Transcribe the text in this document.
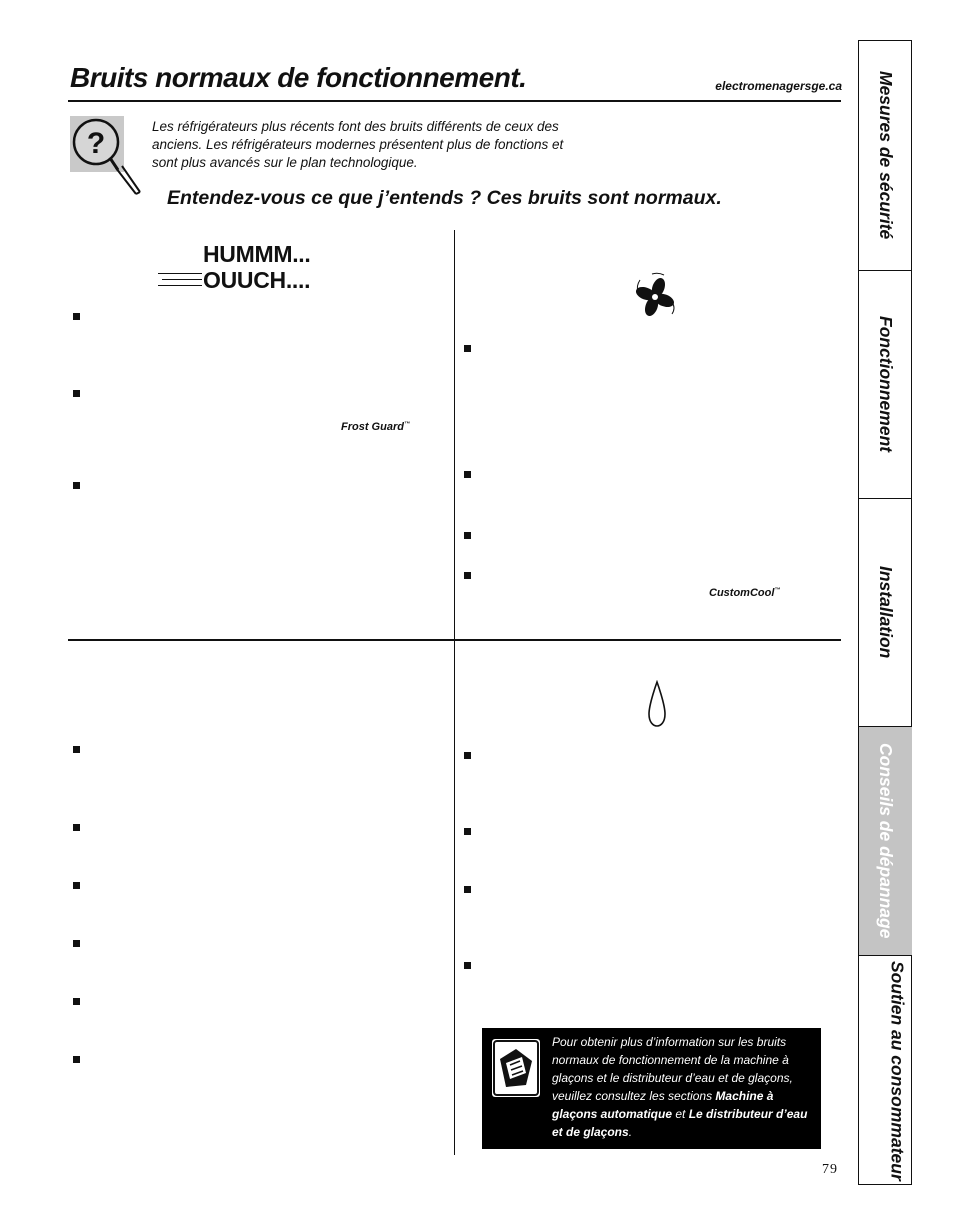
Bruits normaux de fonctionnement.	electromenagersge.ca
?
Les réfrigérateurs plus récents font des bruits différents de ceux des anciens. Les réfrigérateurs modernes présentent plus de fonctions et sont plus avancés sur le plan technologique.
Entendez-vous ce que j’entends ? Ces bruits sont normaux.
HUMMM...
OUUCH....
Frost Guard™
CustomCool™
Pour obtenir plus d’information sur les bruits normaux de fonctionnement de la machine à glaçons et le distributeur d’eau et de glaçons, veuillez consultez les sections Machine à glaçons automatique et Le distributeur d’eau et de glaçons.
Mesures de sécurité
Fonctionnement
Installation
Conseils de dépannage
Soutien au consommateur
79
